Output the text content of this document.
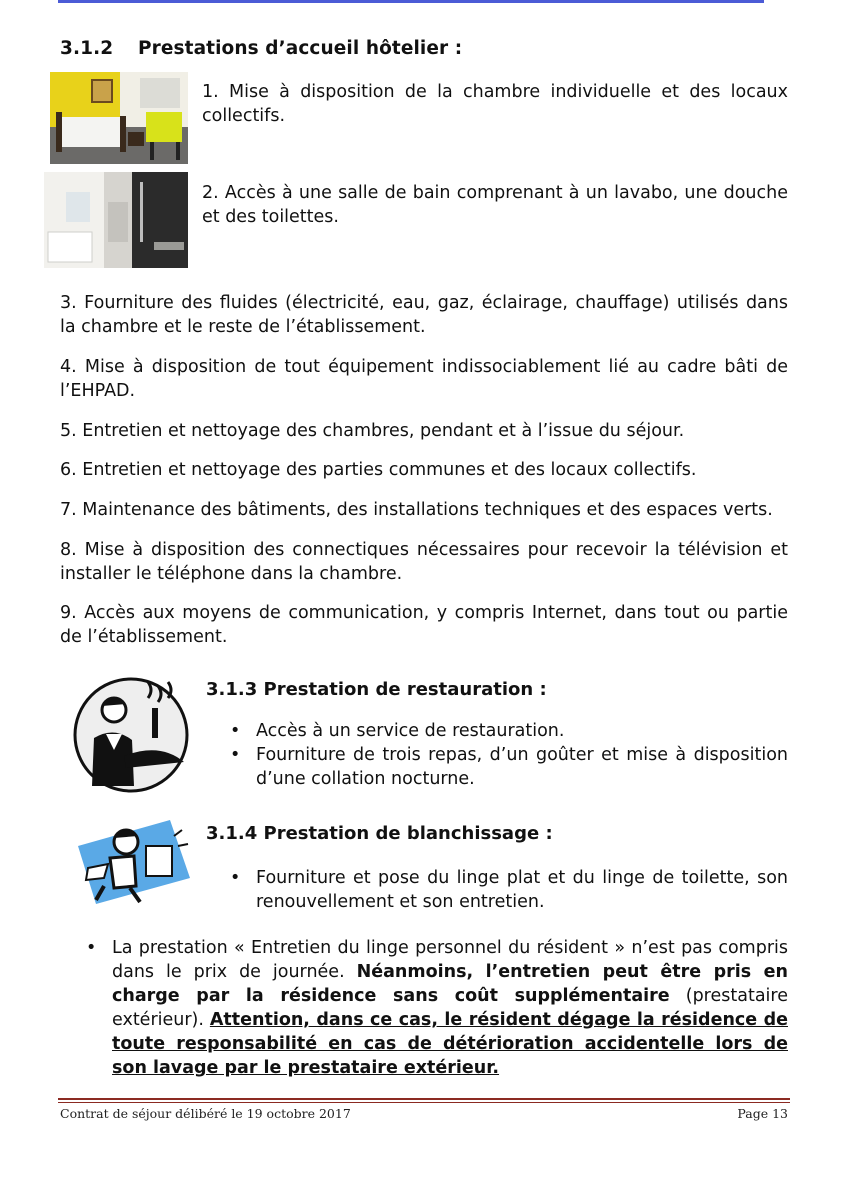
3.1.2 Prestations d’accueil hôtelier :

1. Mise à disposition de la chambre individuelle et des locaux collectifs.

2. Accès à une salle de bain comprenant à un lavabo, une douche et des toilettes.

3. Fourniture des fluides (électricité, eau, gaz, éclairage, chauffage) utilisés dans la chambre et le reste de l’établissement.

4. Mise à disposition de tout équipement indissociablement lié au cadre bâti de l’EHPAD.

5. Entretien et nettoyage des chambres, pendant et à l’issue du séjour.

6. Entretien et nettoyage des parties communes et des locaux collectifs.

7. Maintenance des bâtiments, des installations techniques et des espaces verts.

8. Mise à disposition des connectiques nécessaires pour recevoir la télévision et installer le téléphone dans la chambre.

9. Accès aux moyens de communication, y compris Internet, dans tout ou partie de l’établissement.

3.1.3 Prestation de restauration :
• Accès à un service de restauration.
• Fourniture de trois repas, d’un goûter et mise à disposition d’une collation nocturne.
3.1.4 Prestation de blanchissage :
• Fourniture et pose du linge plat et du linge de toilette, son renouvellement et son entretien.
• La prestation « Entretien du linge personnel du résident » n’est pas compris dans le prix de journée. Néanmoins, l’entretien peut être pris en charge par la résidence sans coût supplémentaire (prestataire extérieur). Attention, dans ce cas, le résident dégage la résidence de toute responsabilité en cas de détérioration accidentelle lors de son lavage par le prestataire extérieur.
Contrat de séjour délibéré le 19 octobre 2017	Page 13
